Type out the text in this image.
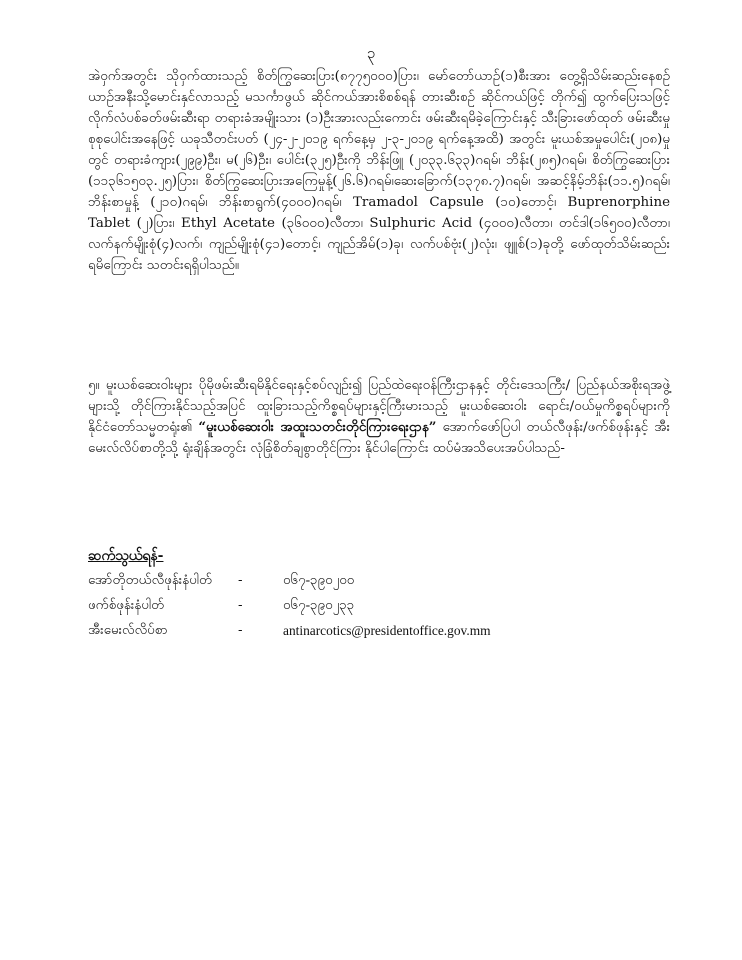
၃

အဲဝှက်အတွင်း သိုဝှက်ထားသည့် စိတ်ကြွဆေးပြား(၈၇၇၅၀၀၀)ပြား၊ မော်တော်ယာဉ်(၁)စီးအား တွေ့ရှိသိမ်းဆည်းနေစဉ် ယာဉ်အနီးသို့မောင်းနှင်လာသည့် မသင်္ကာဖွယ် ဆိုင်ကယ်အားစိစစ်ရန် တားဆီးစဉ် ဆိုင်ကယ်ဖြင့် တိုက်၍ ထွက်ပြေးသဖြင့် လိုက်လံပစ်ခတ်ဖမ်းဆီးရာ တရားခံအမျိုးသား (၁)ဦးအားလည်းကောင်း ဖမ်းဆီးရမိခဲ့ကြောင်းနှင့် သီးခြားဖော်ထုတ် ဖမ်းဆီးမှု စုစုပေါင်းအနေဖြင့် ယခုသီတင်းပတ် (၂၄-၂-၂၀၁၉ ရက်နေ့မှ ၂-၃-၂၀၁၉ ရက်နေ့အထိ) အတွင်း မူးယစ်အမှုပေါင်း(၂၀၈)မှုတွင် တရားခံကျား(၂၉၉)ဦး၊ မ(၂၆)ဦး၊ ပေါင်း(၃၂၅)ဦးကို ဘိန်းဖြူ (၂၀၃၃.၆၃၃)ဂရမ်၊ ဘိန်း(၂၈၅)ဂရမ်၊ စိတ်ကြွဆေးပြား (၁၁၃၆၁၅၀၃.၂၅)ပြား၊ စိတ်ကြွဆေးပြားအကြေမှုန့်(၂၆.၆)ဂရမ်၊ဆေးခြောက်(၁၃၇၈.၇)ဂရမ်၊ အဆင့်နိမ့်ဘိန်း(၁၁.၅)ဂရမ်၊ ဘိန်းစာမှုန့် (၂၁၀)ဂရမ်၊ ဘိန်းစာရွက်(၄၀၀၀)ဂရမ်၊ Tramadol Capsule (၁၀)တောင့်၊ Buprenorphine Tablet (၂)ပြား၊ Ethyl Acetate (၃၆၀၀၀)လီတာ၊ Sulphuric Acid (၄၀၀၀)လီတာ၊ တင်ဒါ(၁၆၅၀၀)လီတာ၊ လက်နက်မျိုးစုံ(၄)လက်၊ ကျည်မျိုးစုံ(၄၁)တောင့်၊ ကျည်အိမ်(၁)ခု၊ လက်ပစ်ဗုံး(၂)လုံး၊ ဖျူစ်(၁)ခုတို့ ဖော်ထုတ်သိမ်းဆည်း ရမိကြောင်း သတင်းရရှိပါသည်။

၅။ မူးယစ်ဆေးဝါးများ ပိုမိုဖမ်းဆီးရမိနိုင်ရေးနှင့်စပ်လျဉ်း၍ ပြည်ထဲရေးဝန်ကြီးဌာနနှင့် တိုင်းဒေသကြီး/ ပြည်နယ်အစိုးရအဖွဲ့များသို့ တိုင်ကြားနိုင်သည့်အပြင် ထူးခြားသည့်ကိစ္စရပ်များနှင့်ကြီးမားသည့် မူးယစ်ဆေးဝါး ရောင်း/ဝယ်မှုကိစ္စရပ်များကို နိုင်ငံတော်သမ္မတရုံး၏ “မူးယစ်ဆေးဝါး အထူးသတင်းတိုင်ကြားရေးဌာန” အောက်ဖော်ပြပါ တယ်လီဖုန်း/ဖက်စ်ဖုန်းနှင့် အီးမေးလ်လိပ်စာတို့သို့ ရုံးချိန်အတွင်း လုံခြုံစိတ်ချစွာတိုင်ကြား နိုင်ပါကြောင်း ထပ်မံအသိပေးအပ်ပါသည်-

ဆက်သွယ်ရန်-

အော်တိုတယ်လီဖုန်းနံပါတ်	-	၀၆၇-၃၉၀၂၀၀
ဖက်စ်ဖုန်းနံပါတ်	-	၀၆၇-၃၉၀၂၃၃
အီးမေးလ်လိပ်စာ	-	antinarcotics@presidentoffice.gov.mm
